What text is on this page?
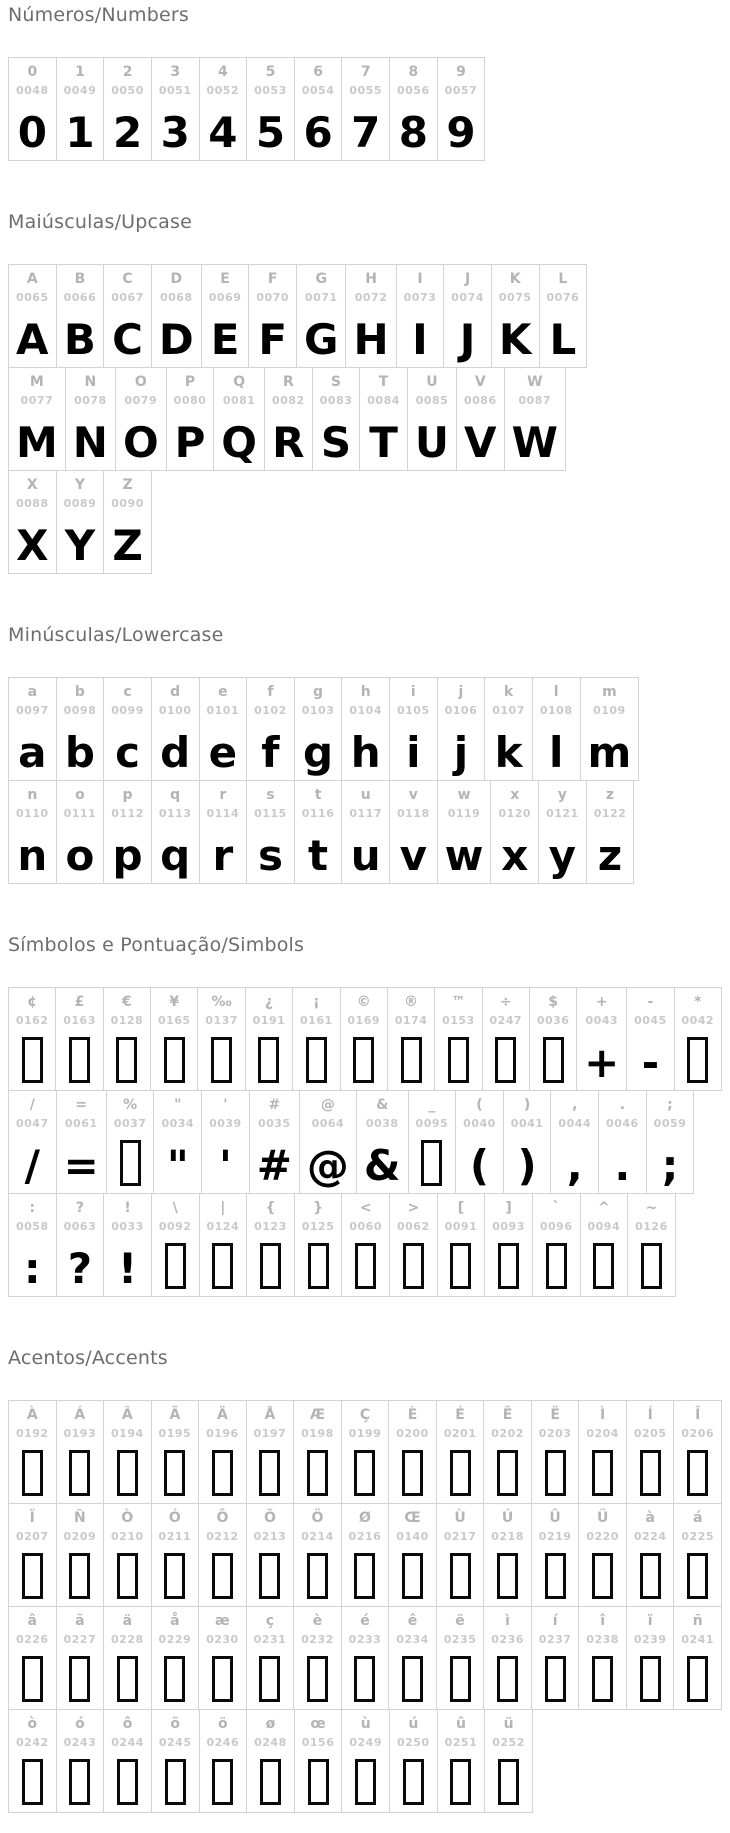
Números/Numbers
0
0048
0
1
0049
1
2
0050
2
3
0051
3
4
0052
4
5
0053
5
6
0054
6
7
0055
7
8
0056
8
9
0057
9
Maiúsculas/Upcase
A
0065
A
B
0066
B
C
0067
C
D
0068
D
E
0069
E
F
0070
F
G
0071
G
H
0072
H
I
0073
I
J
0074
J
K
0075
K
L
0076
L
M
0077
M
N
0078
N
O
0079
O
P
0080
P
Q
0081
Q
R
0082
R
S
0083
S
T
0084
T
U
0085
U
V
0086
V
W
0087
W
X
0088
X
Y
0089
Y
Z
0090
Z
Minúsculas/Lowercase
a
0097
a
b
0098
b
c
0099
c
d
0100
d
e
0101
e
f
0102
f
g
0103
g
h
0104
h
i
0105
i
j
0106
j
k
0107
k
l
0108
l
m
0109
m
n
0110
n
o
0111
o
p
0112
p
q
0113
q
r
0114
r
s
0115
s
t
0116
t
u
0117
u
v
0118
v
w
0119
w
x
0120
x
y
0121
y
z
0122
z
Símbolos e Pontuação/Simbols
¢
0162
£
0163
€
0128
¥
0165
‰
0137
¿
0191
¡
0161
©
0169
®
0174
™
0153
÷
0247
$
0036
+
0043
+
-
0045
-
*
0042
/
0047
/
=
0061
=
%
0037
"
0034
"
'
0039
'
#
0035
#
@
0064
@
&
0038
&
_
0095
(
0040
(
)
0041
)
,
0044
,
.
0046
.
;
0059
;
:
0058
:
?
0063
?
!
0033
!
\
0092
|
0124
{
0123
}
0125
<
0060
>
0062
[
0091
]
0093
`
0096
^
0094
~
0126
Acentos/Accents
À
0192
Á
0193
Â
0194
Ã
0195
Ä
0196
Å
0197
Æ
0198
Ç
0199
È
0200
É
0201
Ê
0202
Ë
0203
Ì
0204
Í
0205
Î
0206
Ï
0207
Ñ
0209
Ò
0210
Ó
0211
Ô
0212
Õ
0213
Ö
0214
Ø
0216
Œ
0140
Ù
0217
Ú
0218
Û
0219
Ü
0220
à
0224
á
0225
â
0226
ã
0227
ä
0228
å
0229
æ
0230
ç
0231
è
0232
é
0233
ê
0234
ë
0235
ì
0236
í
0237
î
0238
ï
0239
ñ
0241
ò
0242
ó
0243
ô
0244
õ
0245
ö
0246
ø
0248
œ
0156
ù
0249
ú
0250
û
0251
ü
0252
